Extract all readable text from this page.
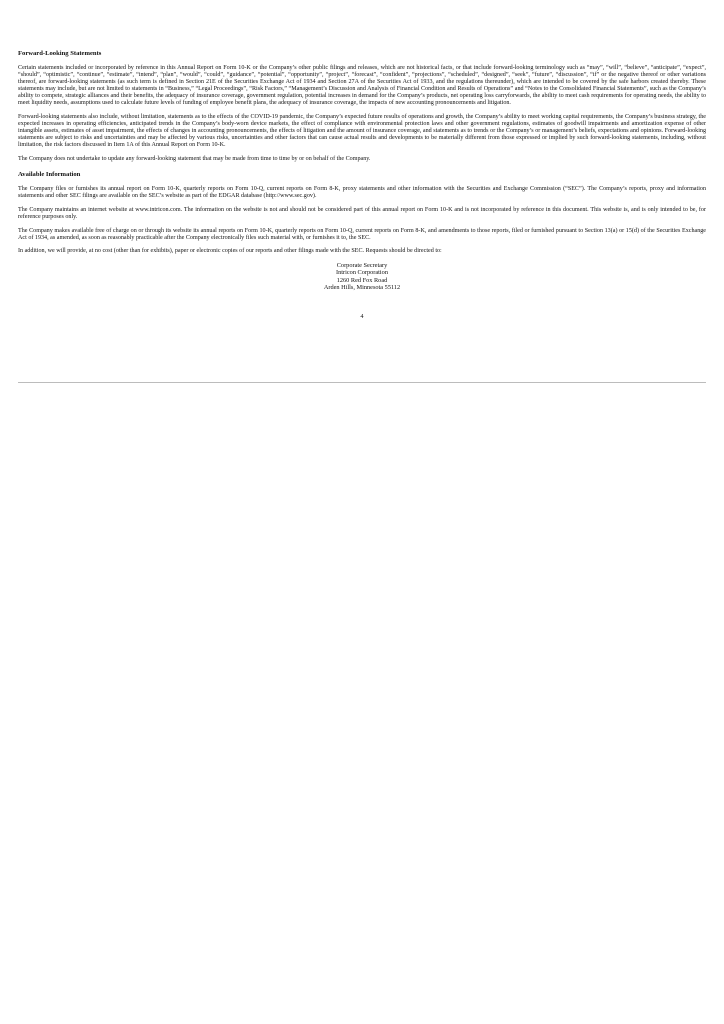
Forward-Looking Statements

Certain statements included or incorporated by reference in this Annual Report on Form 10-K or the Company’s other public filings and releases, which are not historical facts, or that include forward-looking terminology such as “may”, “will”, “believe”, “anticipate”, “expect”, “should”, “optimistic”, “continue”, “estimate”, “intend”, “plan”, “would”, “could”, “guidance”, “potential”, “opportunity”, “project”, “forecast”, “confident”, “projections”, “scheduled”, “designed”, “seek”, “future”, “discussion”, “if” or the negative thereof or other variations thereof, are forward-looking statements (as such term is defined in Section 21E of the Securities Exchange Act of 1934 and Section 27A of the Securities Act of 1933, and the regulations thereunder), which are intended to be covered by the safe harbors created thereby. These statements may include, but are not limited to statements in “Business,” “Legal Proceedings”, “Risk Factors,” “Management’s Discussion and Analysis of Financial Condition and Results of Operations” and “Notes to the Consolidated Financial Statements”, such as the Company’s ability to compete, strategic alliances and their benefits, the adequacy of insurance coverage, government regulation, potential increases in demand for the Company’s products, net operating loss carryforwards, the ability to meet cash requirements for operating needs, the ability to meet liquidity needs, assumptions used to calculate future levels of funding of employee benefit plans, the adequacy of insurance coverage, the impacts of new accounting pronouncements and litigation.

Forward-looking statements also include, without limitation, statements as to the effects of the COVID-19 pandemic, the Company’s expected future results of operations and growth, the Company’s ability to meet working capital requirements, the Company’s business strategy, the expected increases in operating efficiencies, anticipated trends in the Company’s body-worn device markets, the effect of compliance with environmental protection laws and other government regulations, estimates of goodwill impairments and amortization expense of other intangible assets, estimates of asset impairment, the effects of changes in accounting pronouncements, the effects of litigation and the amount of insurance coverage, and statements as to trends or the Company’s or management’s beliefs, expectations and opinions. Forward-looking statements are subject to risks and uncertainties and may be affected by various risks, uncertainties and other factors that can cause actual results and developments to be materially different from those expressed or implied by such forward-looking statements, including, without limitation, the risk factors discussed in Item 1A of this Annual Report on Form 10-K.

The Company does not undertake to update any forward-looking statement that may be made from time to time by or on behalf of the Company.

Available Information

The Company files or furnishes its annual report on Form 10-K, quarterly reports on Form 10-Q, current reports on Form 8-K, proxy statements and other information with the Securities and Exchange Commission (“SEC”). The Company’s reports, proxy and information statements and other SEC filings are available on the SEC’s website as part of the EDGAR database (http://www.sec.gov).

The Company maintains an internet website at www.intricon.com. The information on the website is not and should not be considered part of this annual report on Form 10-K and is not incorporated by reference in this document. This website is, and is only intended to be, for reference purposes only.

The Company makes available free of charge on or through its website its annual reports on Form 10-K, quarterly reports on Form 10-Q, current reports on Form 8-K, and amendments to those reports, filed or furnished pursuant to Section 13(a) or 15(d) of the Securities Exchange Act of 1934, as amended, as soon as reasonably practicable after the Company electronically files such material with, or furnishes it to, the SEC.

In addition, we will provide, at no cost (other than for exhibits), paper or electronic copies of our reports and other filings made with the SEC. Requests should be directed to:

Corporate Secretary
Intricon Corporation
1260 Red Fox Road
Arden Hills, Minnesota 55112
4
